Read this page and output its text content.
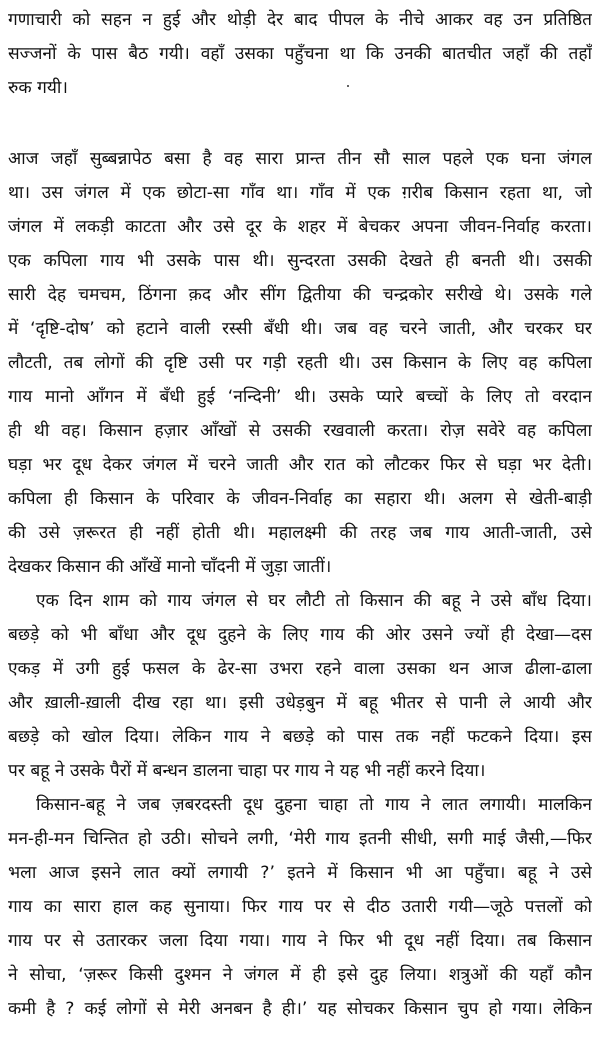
गणाचारी को सहन न हुई और थोड़ी देर बाद पीपल के नीचे आकर वह उन प्रतिष्ठित
सज्जनों के पास बैठ गयी। वहाँ उसका पहुँचना था कि उनकी बातचीत जहाँ की तहाँ
रुक गयी।
आज जहाँ सुब्बन्नापेठ बसा है वह सारा प्रान्त तीन सौ साल पहले एक घना जंगल
था। उस जंगल में एक छोटा-सा गाँव था। गाँव में एक ग़रीब किसान रहता था, जो
जंगल में लकड़ी काटता और उसे दूर के शहर में बेचकर अपना जीवन-निर्वाह करता।
एक कपिला गाय भी उसके पास थी। सुन्दरता उसकी देखते ही बनती थी। उसकी
सारी देह चमचम, ठिंगना क़द और सींग द्वितीया की चन्द्रकोर सरीखे थे। उसके गले
में ‘दृष्टि-दोष’ को हटाने वाली रस्सी बँधी थी। जब वह चरने जाती, और चरकर घर
लौटती, तब लोगों की दृष्टि उसी पर गड़ी रहती थी। उस किसान के लिए वह कपिला
गाय मानो आँगन में बँधी हुई ‘नन्दिनी’ थी। उसके प्यारे बच्चों के लिए तो वरदान
ही थी वह। किसान हज़ार आँखों से उसकी रखवाली करता। रोज़ सवेरे वह कपिला
घड़ा भर दूध देकर जंगल में चरने जाती और रात को लौटकर फिर से घड़ा भर देती।
कपिला ही किसान के परिवार के जीवन-निर्वाह का सहारा थी। अलग से खेती-बाड़ी
की उसे ज़रूरत ही नहीं होती थी। महालक्ष्मी की तरह जब गाय आती-जाती, उसे
देखकर किसान की आँखें मानो चाँदनी में जुड़ा जातीं।
एक दिन शाम को गाय जंगल से घर लौटी तो किसान की बहू ने उसे बाँध दिया।
बछड़े को भी बाँधा और दूध दुहने के लिए गाय की ओर उसने ज्यों ही देखा—दस
एकड़ में उगी हुई फसल के ढेर-सा उभरा रहने वाला उसका थन आज ढीला-ढाला
और ख़ाली-ख़ाली दीख रहा था। इसी उधेड़बुन में बहू भीतर से पानी ले आयी और
बछड़े को खोल दिया। लेकिन गाय ने बछड़े को पास तक नहीं फटकने दिया। इस
पर बहू ने उसके पैरों में बन्धन डालना चाहा पर गाय ने यह भी नहीं करने दिया।
किसान-बहू ने जब ज़बरदस्ती दूध दुहना चाहा तो गाय ने लात लगायी। मालकिन
मन-ही-मन चिन्तित हो उठी। सोचने लगी, ‘मेरी गाय इतनी सीधी, सगी माई जैसी,—फिर
भला आज इसने लात क्यों लगायी ?’ इतने में किसान भी आ पहुँचा। बहू ने उसे
गाय का सारा हाल कह सुनाया। फिर गाय पर से दीठ उतारी गयी—जूठे पत्तलों को
गाय पर से उतारकर जला दिया गया। गाय ने फिर भी दूध नहीं दिया। तब किसान
ने सोचा, ‘ज़रूर किसी दुश्मन ने जंगल में ही इसे दुह लिया। शत्रुओं की यहाँ कौन
कमी है ? कई लोगों से मेरी अनबन है ही।’ यह सोचकर किसान चुप हो गया। लेकिन
